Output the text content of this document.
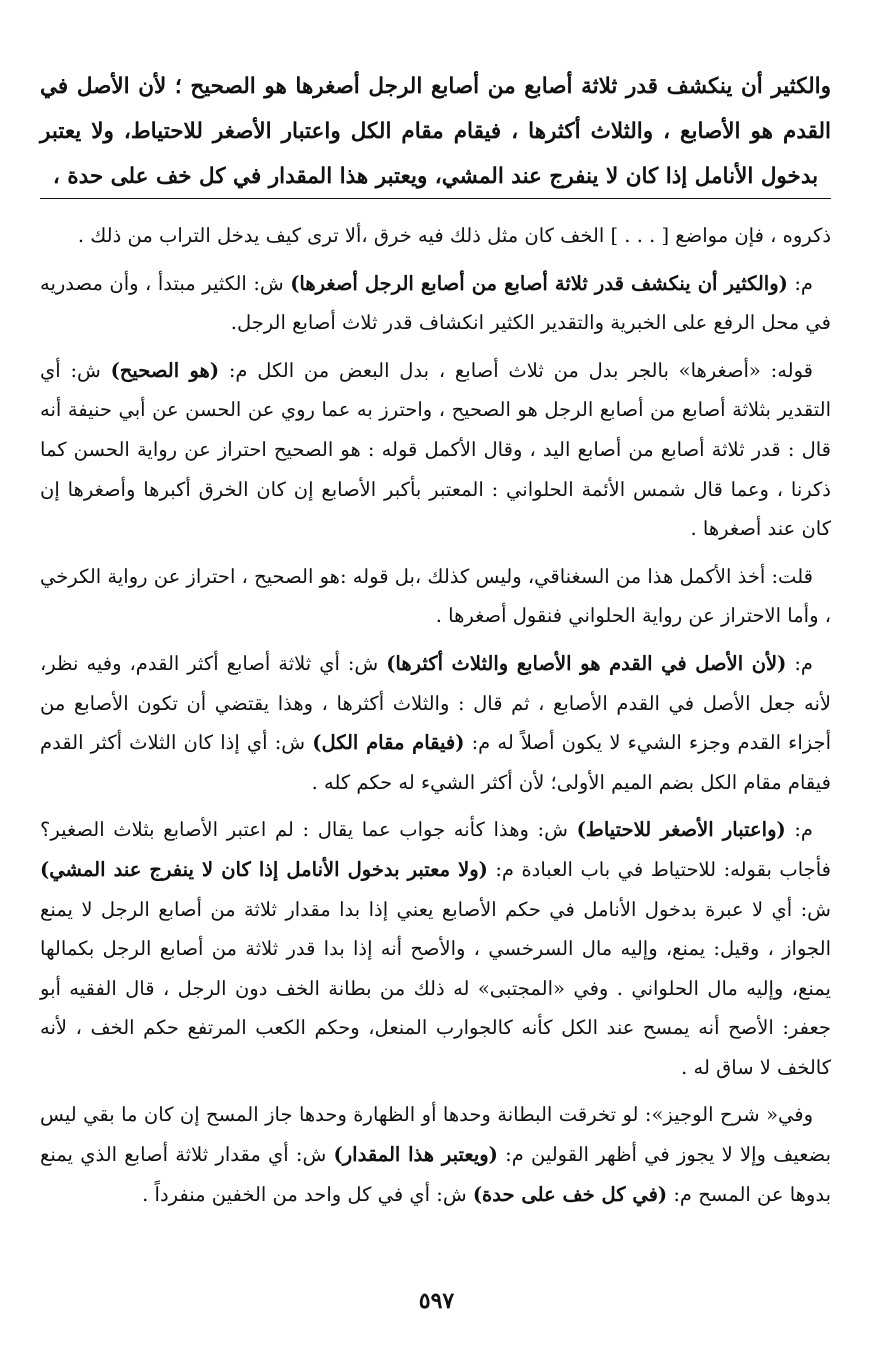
والكثير أن ينكشف قدر ثلاثة أصابع من أصابع الرجل أصغرها هو الصحيح ؛ لأن الأصل في القدم هو الأصابع ، والثلاث أكثرها ، فيقام مقام الكل واعتبار الأصغر للاحتياط، ولا يعتبر بدخول الأنامل إذا كان لا ينفرج عند المشي، ويعتبر هذا المقدار في كل خف على حدة ،

ذكروه ، فإن مواضع [ . . . ] الخف كان مثل ذلك فيه خرق ،ألا ترى كيف يدخل التراب من ذلك .

م: (والكثير أن ينكشف قدر ثلاثة أصابع من أصابع الرجل أصغرها) ش: الكثير مبتدأ ، وأن مصدريه في محل الرفع على الخبرية والتقدير الكثير انكشاف قدر ثلاث أصابع الرجل.

قوله: «أصغرها» بالجر بدل من ثلاث أصابع ، بدل البعض من الكل م: (هو الصحيح) ش: أي التقدير بثلاثة أصابع من أصابع الرجل هو الصحيح ، واحترز به عما روي عن الحسن عن أبي حنيفة أنه قال : قدر ثلاثة أصابع من أصابع اليد ، وقال الأكمل قوله : هو الصحيح احتراز عن رواية الحسن كما ذكرنا ، وعما قال شمس الأئمة الحلواني : المعتبر بأكبر الأصابع إن كان الخرق أكبرها وأصغرها إن كان عند أصغرها .

قلت: أخذ الأكمل هذا من السغناقي، وليس كذلك ،بل قوله :هو الصحيح ، احتراز عن رواية الكرخي ، وأما الاحتراز عن رواية الحلواني فنقول أصغرها .

م: (لأن الأصل في القدم هو الأصابع والثلاث أكثرها) ش: أي ثلاثة أصابع أكثر القدم، وفيه نظر، لأنه جعل الأصل في القدم الأصابع ، ثم قال : والثلاث أكثرها ، وهذا يقتضي أن تكون الأصابع من أجزاء القدم وجزء الشيء لا يكون أصلاً له م: (فيقام مقام الكل) ش: أي إذا كان الثلاث أكثر القدم فيقام مقام الكل بضم الميم الأولى؛ لأن أكثر الشيء له حكم كله .

م: (واعتبار الأصغر للاحتياط) ش: وهذا كأنه جواب عما يقال : لم اعتبر الأصابع بثلاث الصغير؟ فأجاب بقوله: للاحتياط في باب العبادة م: (ولا معتبر بدخول الأنامل إذا كان لا ينفرج عند المشي) ش: أي لا عبرة بدخول الأنامل في حكم الأصابع يعني إذا بدا مقدار ثلاثة من أصابع الرجل لا يمنع الجواز ، وقيل: يمنع، وإليه مال السرخسي ، والأصح أنه إذا بدا قدر ثلاثة من أصابع الرجل بكمالها يمنع، وإليه مال الحلواني . وفي «المجتبى» له ذلك من بطانة الخف دون الرجل ، قال الفقيه أبو جعفر: الأصح أنه يمسح عند الكل كأنه كالجوارب المنعل، وحكم الكعب المرتفع حكم الخف ، لأنه كالخف لا ساق له .

وفي« شرح الوجيز»: لو تخرقت البطانة وحدها أو الظهارة وحدها جاز المسح إن كان ما بقي ليس بضعيف وإلا لا يجوز في أظهر القولين م: (ويعتبر هذا المقدار) ش: أي مقدار ثلاثة أصابع الذي يمنع بدوها عن المسح م: (في كل خف على حدة) ش: أي في كل واحد من الخفين منفرداً .

٥٩٧
